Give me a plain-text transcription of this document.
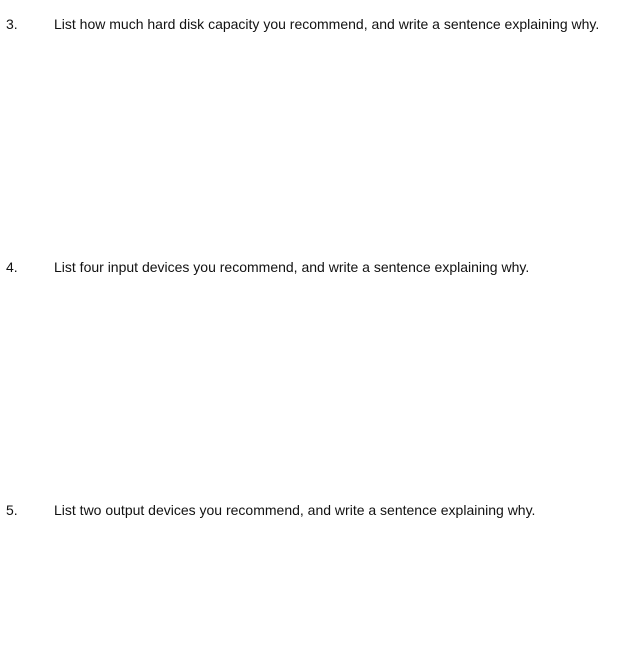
3.	List how much hard disk capacity you recommend, and write a sentence explaining why.
4.	List four input devices you recommend, and write a sentence explaining why.
5.	List two output devices you recommend, and write a sentence explaining why.
